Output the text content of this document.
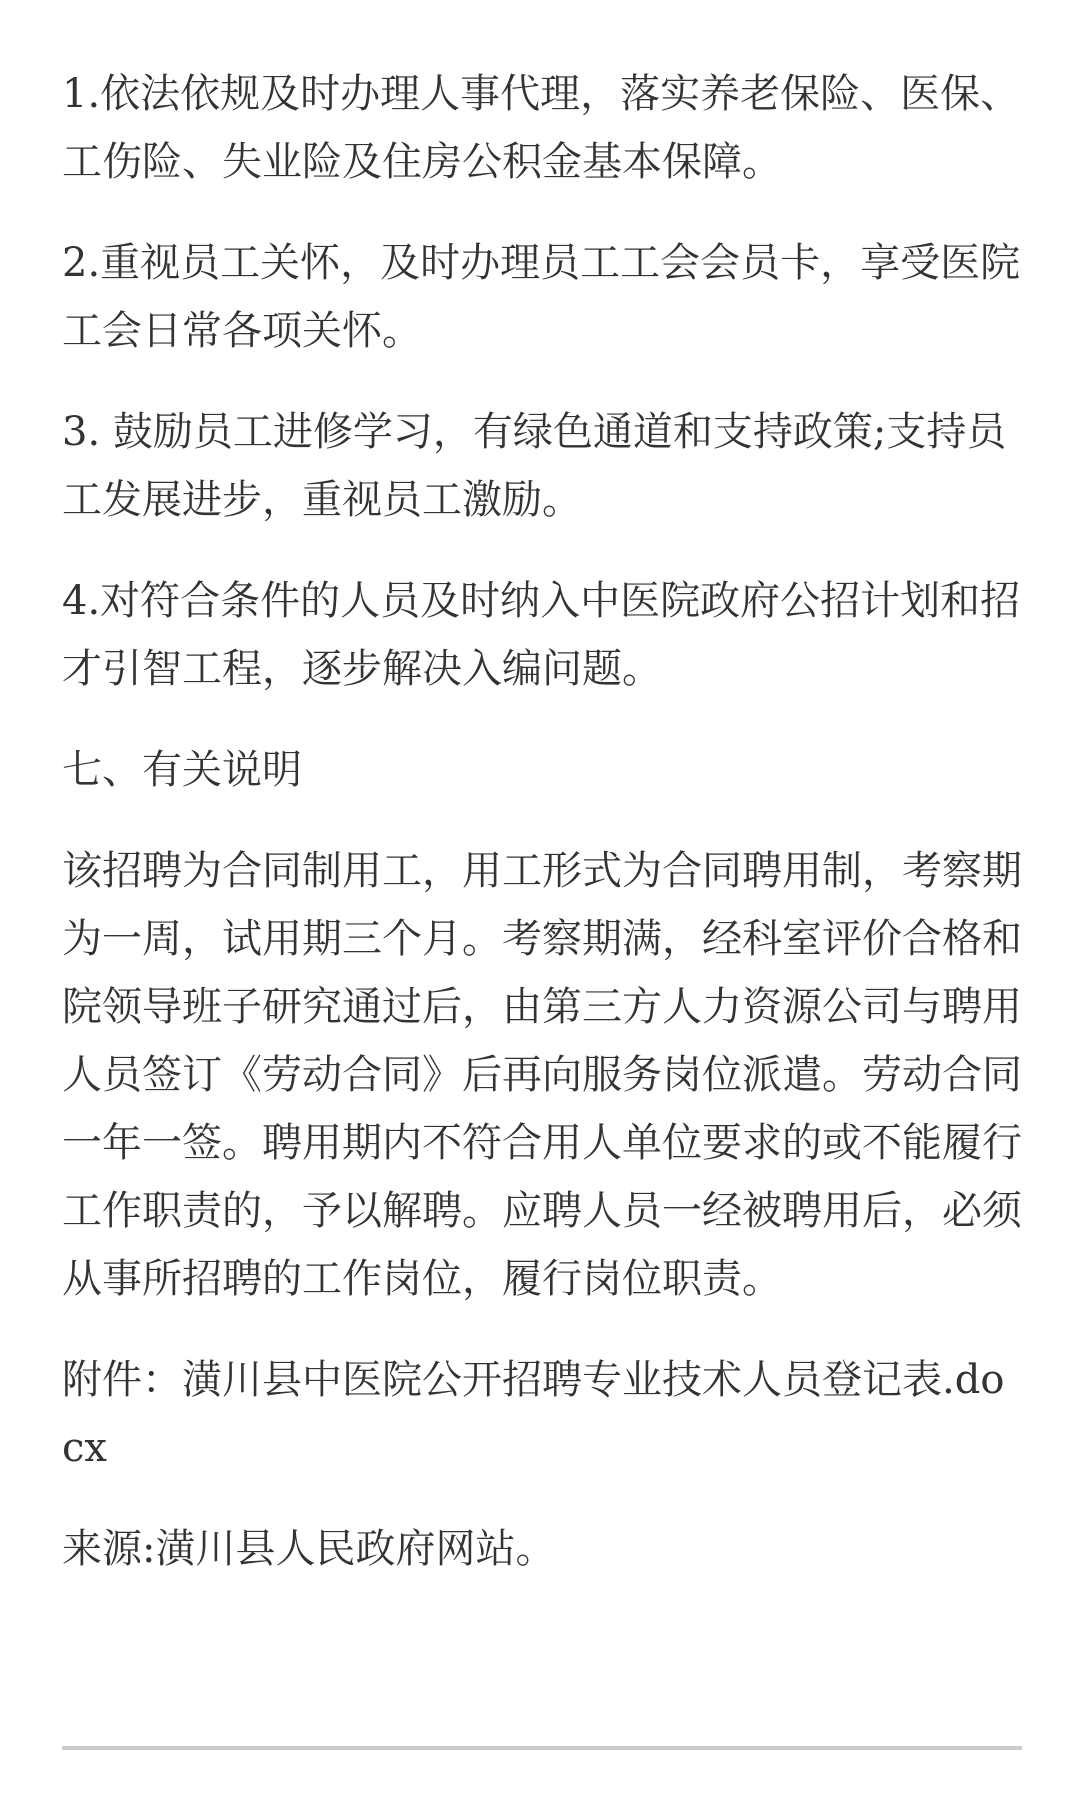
1.依法依规及时办理人事代理，落实养老保险、医保、工伤险、失业险及住房公积金基本保障。

2.重视员工关怀，及时办理员工工会会员卡，享受医院工会日常各项关怀。

3. 鼓励员工进修学习，有绿色通道和支持政策;支持员工发展进步，重视员工激励。

4.对符合条件的人员及时纳入中医院政府公招计划和招才引智工程，逐步解决入编问题。

七、有关说明

该招聘为合同制用工，用工形式为合同聘用制，考察期为一周，试用期三个月。考察期满，经科室评价合格和院领导班子研究通过后，由第三方人力资源公司与聘用人员签订《劳动合同》后再向服务岗位派遣。劳动合同一年一签。聘用期内不符合用人单位要求的或不能履行工作职责的，予以解聘。应聘人员一经被聘用后，必须从事所招聘的工作岗位，履行岗位职责。

附件：潢川县中医院公开招聘专业技术人员登记表.docx

来源:潢川县人民政府网站。
